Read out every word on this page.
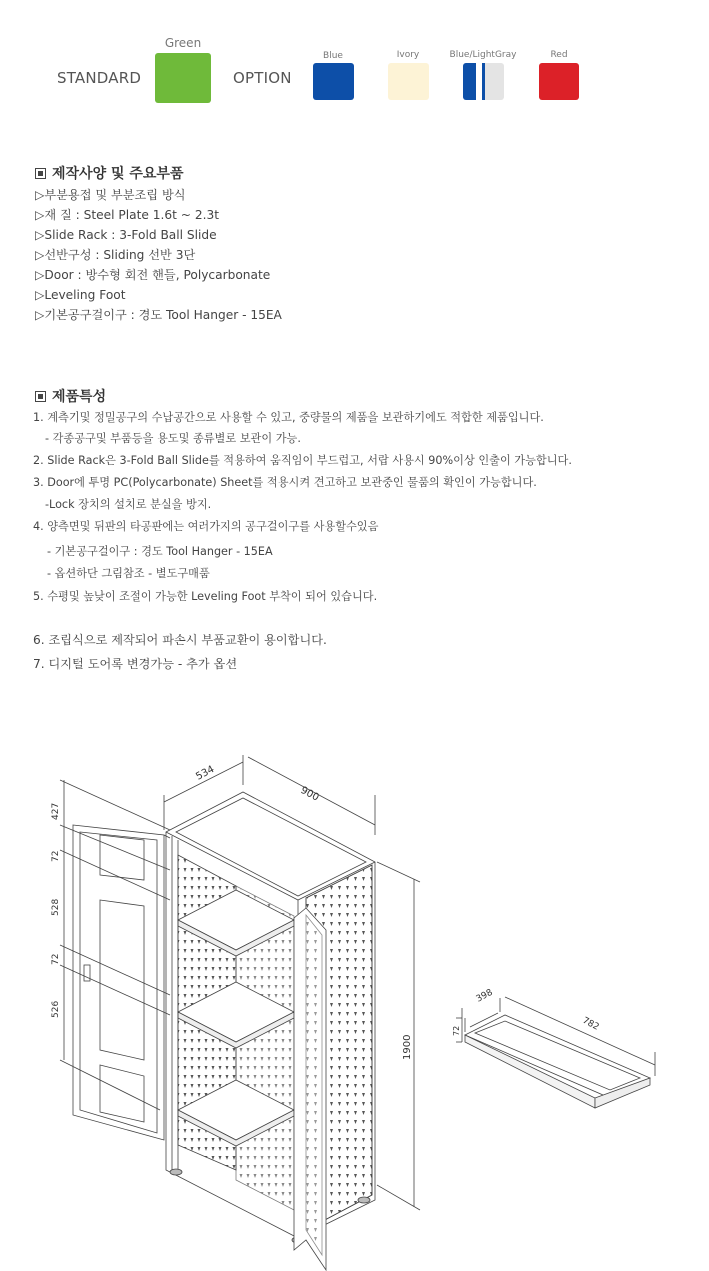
STANDARD
Green
OPTION
Blue	Ivory	Blue/LightGray	Red
제작사양 및 주요부품
▷부분용접 및 부분조립 방식
▷재 질 : Steel Plate 1.6t ~ 2.3t
▷Slide Rack : 3-Fold Ball Slide
▷선반구성 : Sliding 선반 3단
▷Door : 방수형 회전 핸들, Polycarbonate
▷Leveling Foot
▷기본공구걸이구 : 경도 Tool Hanger - 15EA
제품특성
1. 계측기및 정밀공구의 수납공간으로 사용할 수 있고, 중량물의 제품을 보관하기에도 적합한 제품입니다.
- 각종공구및 부품등을 용도및 종류별로 보관이 가능.
2. Slide Rack은 3-Fold Ball Slide를 적용하여 움직임이 부드럽고, 서랍 사용시 90%이상 인출이 가능합니다.
3. Door에 투명 PC(Polycarbonate) Sheet를 적용시켜 견고하고 보관중인 물품의 확인이 가능합니다.
-Lock 장치의 설치로 분실을 방지.
4. 양측면및 뒤판의 타공판에는 여러가지의 공구걸이구를 사용할수있음
- 기본공구걸이구 : 경도 Tool Hanger - 15EA
- 옵션하단 그림참조 - 별도구매품
5. 수평및 높낮이 조절이 가능한 Leveling Foot 부착이 되어 있습니다.
6. 조립식으로 제작되어 파손시 부품교환이 용이합니다.
7. 디지털 도어록 변경가능 - 추가 옵션
534
900
1900
427
72
528
72
526
398
782
72
